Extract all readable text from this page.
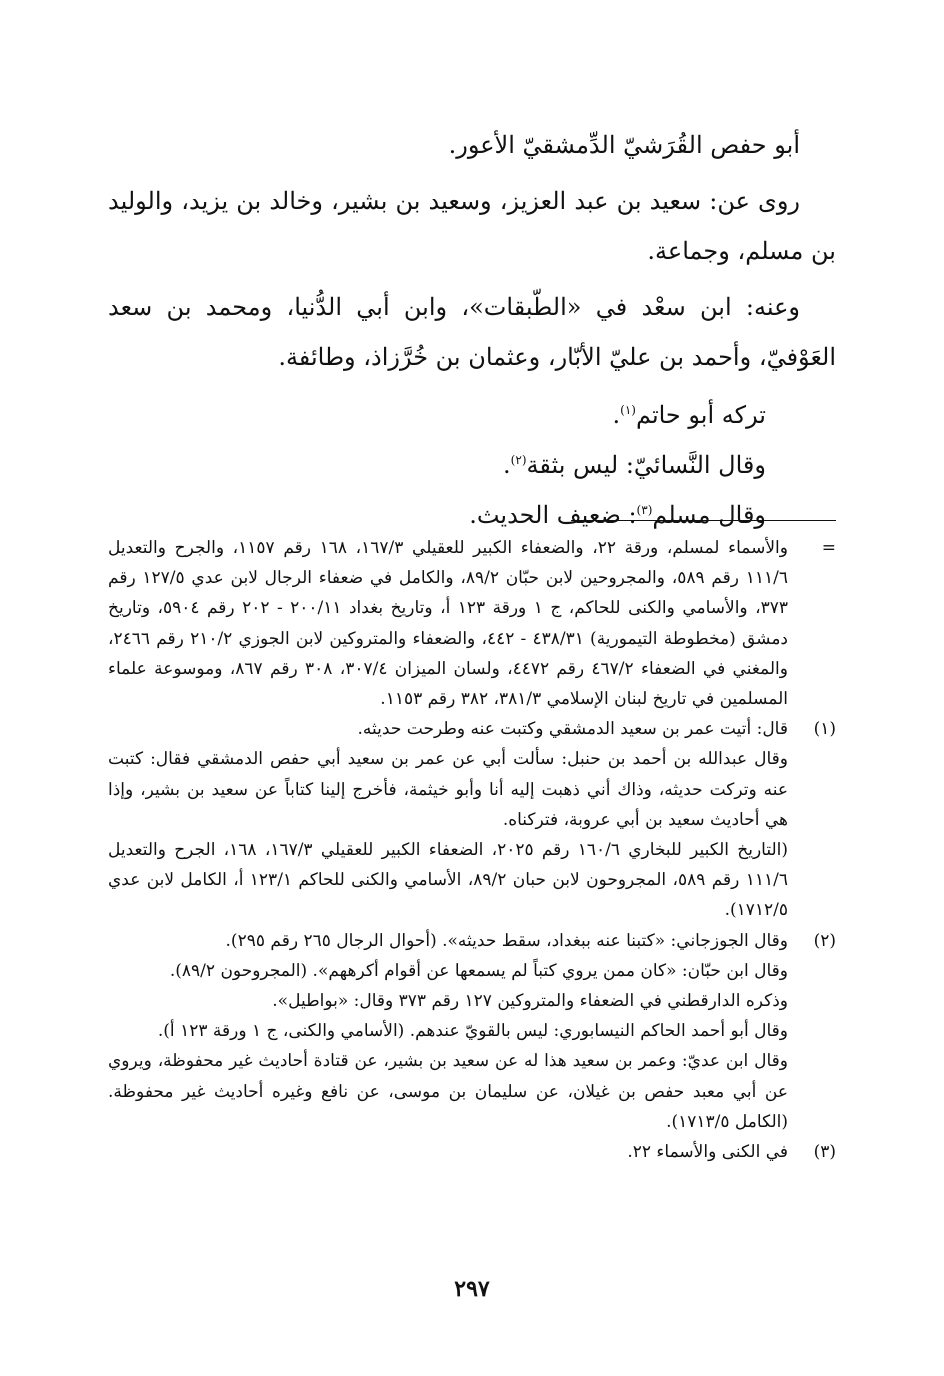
أبو حفص القُرَشيّ الدِّمشقيّ الأعور.

روى عن: سعيد بن عبد العزيز، وسعيد بن بشير، وخالد بن يزيد، والوليد بن مسلم، وجماعة.

وعنه: ابن سعْد في «الطّبقات»، وابن أبي الدُّنيا، ومحمد بن سعد العَوْفيّ، وأحمد بن عليّ الأبّار، وعثمان بن خُرَّزاذ، وطائفة.

تركه أبو حاتم$^{(١)}$.

وقال النَّسائيّ: ليس بثقة$^{(٢)}$.

وقال مسلم$^{(٣)}$: ضعيف الحديث.

=

والأسماء لمسلم، ورقة ٢٢، والضعفاء الكبير للعقيلي ١٦٧/٣، ١٦٨ رقم ١١٥٧، والجرح والتعديل ١١١/٦ رقم ٥٨٩، والمجروحين لابن حبّان ٨٩/٢، والكامل في ضعفاء الرجال لابن عدي ١٢٧/٥ رقم ٣٧٣، والأسامي والكنى للحاكم، ج ١ ورقة ١٢٣ أ، وتاريخ بغداد ٢٠٠/١١ - ٢٠٢ رقم ٥٩٠٤، وتاريخ دمشق (مخطوطة التيمورية) ٤٣٨/٣١ - ٤٤٢، والضعفاء والمتروكين لابن الجوزي ٢١٠/٢ رقم ٢٤٦٦، والمغني في الضعفاء ٤٦٧/٢ رقم ٤٤٧٢، ولسان الميزان ٣٠٧/٤، ٣٠٨ رقم ٨٦٧، وموسوعة علماء المسلمين في تاريخ لبنان الإسلامي ٣٨١/٣، ٣٨٢ رقم ١١٥٣.

(١)

قال: أتيت عمر بن سعيد الدمشقي وكتبت عنه وطرحت حديثه.

وقال عبدالله بن أحمد بن حنبل: سألت أبي عن عمر بن سعيد أبي حفص الدمشقي فقال: كتبت عنه وتركت حديثه، وذاك أني ذهبت إليه أنا وأبو خيثمة، فأخرج إلينا كتاباً عن سعيد بن بشير، وإذا هي أحاديث سعيد بن أبي عروبة، فتركناه.

(التاريخ الكبير للبخاري ١٦٠/٦ رقم ٢٠٢٥، الضعفاء الكبير للعقيلي ١٦٧/٣، ١٦٨، الجرح والتعديل ١١١/٦ رقم ٥٨٩، المجروحون لابن حبان ٨٩/٢، الأسامي والكنى للحاكم ١٢٣/١ أ، الكامل لابن عدي ١٧١٢/٥).

(٢)

وقال الجوزجاني: «كتبنا عنه ببغداد، سقط حديثه». (أحوال الرجال ٢٦٥ رقم ٢٩٥).

وقال ابن حبّان: «كان ممن يروي كتباً لم يسمعها عن أقوام أكرههم». (المجروحون ٨٩/٢).

وذكره الدارقطني في الضعفاء والمتروكين ١٢٧ رقم ٣٧٣ وقال: «بواطيل».

وقال أبو أحمد الحاكم النيسابوري: ليس بالقويّ عندهم. (الأسامي والكنى، ج ١ ورقة ١٢٣ أ).

وقال ابن عديّ: وعمر بن سعيد هذا له عن سعيد بن بشير، عن قتادة أحاديث غير محفوظة، ويروي عن أبي معبد حفص بن غيلان، عن سليمان بن موسى، عن نافع وغيره أحاديث غير محفوظة. (الكامل ١٧١٣/٥).

(٣)

في الكنى والأسماء ٢٢.

٢٩٧
